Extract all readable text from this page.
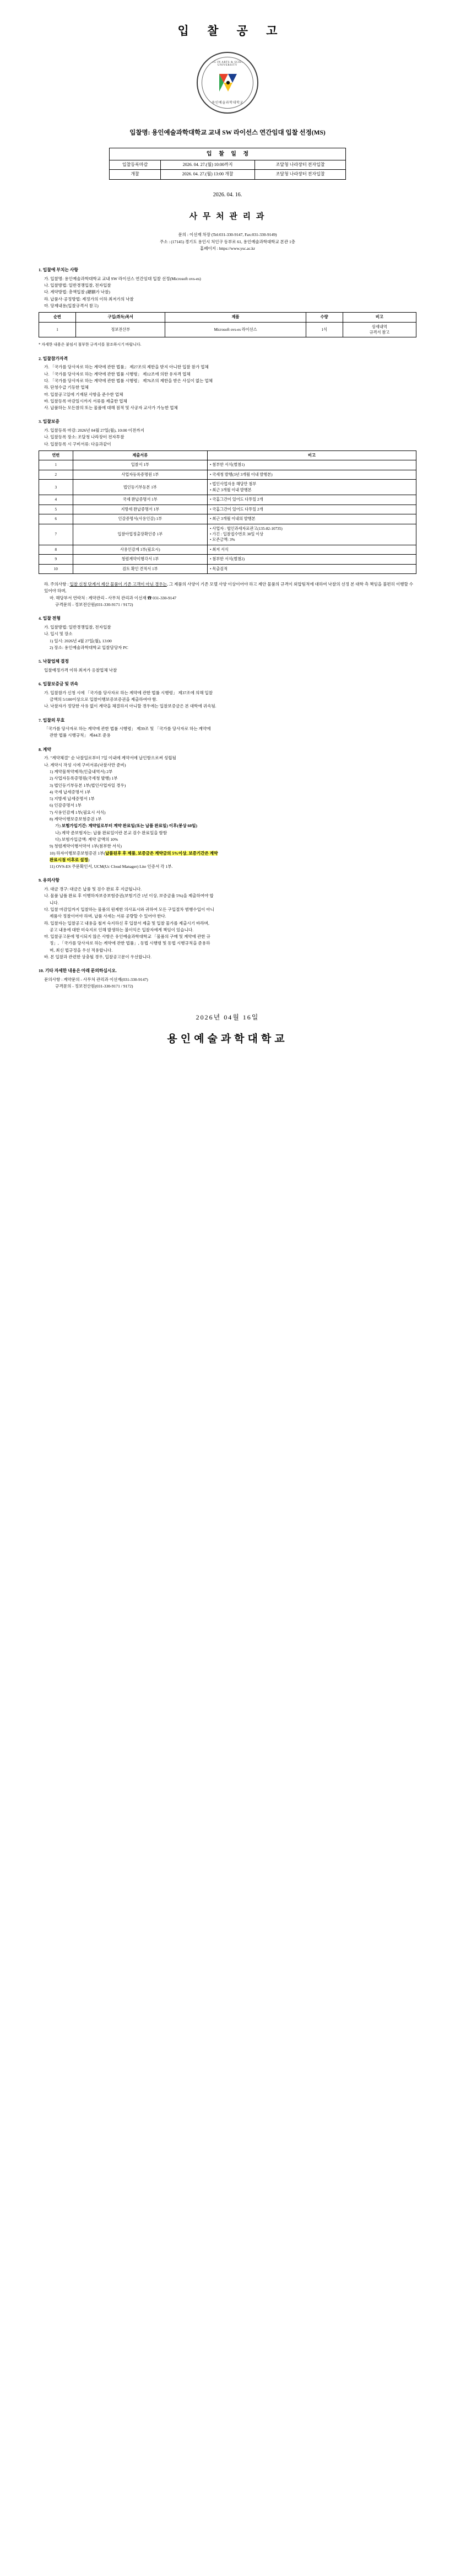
입 찰 공 고
YONG IN ARTS & SCIENCE UNIVERSITY
용인예술과학대학교
입찰명: 용인예술과학대학교 교내 SW 라이선스 연간임대 입찰 선정(MS)
입 찰 일 정		
입찰등록마감	2026. 04. 27.(월) 10:00까지	조달청 나라장터 전자입찰
개찰	2026. 04. 27.(월) 13:00 개찰	조달청 나라장터 전자입찰
2026. 04. 16.
사 무 처 관 리 과
문의 : 이선재 차장 (Tel:031-330-9147, Fax:031-330-9149)
주소 : (17145) 경기도 용인시 처인구 동부로 61, 용인예술과학대학교 본관 1층
홈페이지 : https://www.ysc.ac.kr
1. 입찰에 부치는 사항

가. 입찰명: 용인예술과학대학교 교내 SW 라이선스 연간임대 입찰 선정(Microsoft ovs-es)

나. 입찰방법: 일반경쟁입찰, 전자입찰

다. 계약방법: 총액입찰 (總額가 낙찰)

라. 납품사·공정방법: 제정가의 이하 최저가의 낙찰

마. 당제내용(입찰규격서 참고)

순번	구입(취득)목서	제품	수량	비고
1	정보전산부	Microsoft ovs-es 라이선스	1식	상세내역
규격서 참고
* 자세한 내용은 붙임서 첨부한 규격서를 참조하시기 바랍니다.
2. 입찰참가자격

가. 「국가를 당사자로 하는 계약에 관한 법률」 제27조의 제한을 받지 아니한 입찰 참가 업체

나. 「국가를 당사자로 하는 계약에 관한 법률 시행령」 제12조에 의한 유자격 업체

다. 「국가를 당사자로 하는 계약에 관한 법률 시행령」 제76조의 제한을 받은 사실이 없는 업체

라. 단청수급 기등한 업체

마. 입찰공고일에 기재된 사항을 준수한 업체

바. 입찰등록 마감일시까지 서류를 제출한 업체

사. 납품하는 모든참의 또는 물품에 대해 점적 및 사공자 교사가 가능한 업체

3. 입찰보증

가. 입찰등록 마감: 2026년 04월 27일(월), 10:00 이전까지

나. 입찰등록 장소: 조달청 나라장터 전자투찰

다. 입찰등록 시 구비서류: 다음과같이

연번	제출서류	비고
1	입찰서 1부	• 첨부한 서식(별첨1)
2	사업자등록증명원 1부	• 국세청 발행(3년 3개월 이내 발행본)
3	법인등기부등본 1부	• 법인사업자용 해당만 첨부
• 최근 3개월 이내 발행본
4	국세 완납증명서 1부	• 국홈그간이 있어도 다투일 2개
5	지방세 완납증명서 1부	• 국홈그간이 있어도 다투일 2개
6	인감증명서(사용인감) 1부	• 최근 3개월 이내의 발행본
7	입찰아업정출장확인증 1부	• 사업자 : 협인과세자료관고(135-82-10735)
• 가긴 : 입찰접수번호 30일 이상
• 모존금액: 3%
8	사용인감계 1부(필요시)	• 최저 서식
9	청렴계약이행각서 1부	• 첨부한 서식(별첨2)
10	검토 확인 견적서 1부	• 목출검적

라. 주의사항 : 입찰 신청 단계서 제산 물품이 기존 고객이 아닌 경우는, 그 제품의 사양이 기존 모델 사양 이상이어야 하고 제안 물품의 규격이 외압팀적에 대하여 낙찰의 선정 본 대학 측 책임을 불편히 이행할 수 있어야 하며,

마. 해당부서 연락처 : 계약관리 - 사무처 관리과 이선재 ☎ 031-330-9147

규격문의 - 정보전산원(031-330-9171 / 9172)

4. 입찰 전형

가. 입찰방법: 일반경쟁입찰, 전자입찰

나. 입시 및 장소

1) 일시: 2026년 4월 27일(월), 13:00

2) 장소: 용인예술과학대학교 입찰담당자 PC

5. 낙찰업체 결정

입찰예정가격 이하 최저가 응찰업체 낙찰

6. 입찰보증금 및 귀속

가. 입찰참가 신청 시에 「국가를 당사자로 하는 계약에 관한 법률 시행령」 제37조에 의해 입찰

금액의 5/100이상으로 입찰이행보증보증권을 제출하여야 함.

나. 낙찰자가 정당한 사유 없이 계약을 체결하지 아니할 경우에는 입찰보증금은 본 대학에 귀속됨.

7. 입찰의 무효

「국가를 당사자로 하는 계약에 관한 법률 시행령」 제39조 및 「국가를 당사자로 하는 계약에

관한 법률 시행규칙」 제44조 준용

8. 계약

가. "계약체결" 순 낙찰일로부터 7일 이내에 계약서에 날인함으로써 성립됨

나. 계약시 작성 시에 구비서류(낙찰사만 준비)

1) 계약물착약제작(인출내역서) 2부

2) 사업자등록증명원(국세청 발행) 1부

3) 법인등기부등본 1부(법인사업자일 경우)

4) 국세 납세증명서 1부

5) 지방세 납세증명서 1부

6) 인감증명서 1부

7) 사용인감계 1부(필요시 서식)

8) 계약이행보증보험증권 1부

가) 보험가입기간: 계약일로부터 계약 완료일(또는 납품 완료일) 이후(봉상 60일)

나) 계약 준보험자는: 납품 완료일이란 본교 검수 완료일을 함함

다) 보험가입금액: 계약 금액의 10%

9) 청렴계약이행서약서 1부(첨부한 서식)

10) 하자이행보증보험증권 1부(납품된후 후 제품, 보증금은 계약금의 5%이상, 보증기간은 계약
완료시점 이후로 설정)

11) OVS-ES 주문확인서, UCM(Uc Cloud Manager) Lite 인증서 각 1부.

9. 유의사항

가. 대금 경구: 대금은 납품 및 검수 완료 후 지급됩니다.

나. 물품 납품 완료 후 이행하자보증보험증권(보험기간 1년 이상, 보증금율 5%)을 제출하여야 합

니다.

다. 입찰 마감일까지 입찰하는 물품의 원제한 의사표시와 귀하여 모든 구입절차 범행수입이 아니

제품사 정찰이어야 하며, 납품 사세는 서류 공량할 수 있어야 한다.

라. 입찰자는 입찰공고 내용을 철저 숙지하신 후 입찰서 제출 및 입찰 물가를 제출시기 바라며,

공고 내용에 대한 미숙지로 인해 발생하는 불이익은 입찰자에게 책임이 있습니다.

마. 입찰공고문에 명시되지 않은 사항은 유인예술과학대학교 「물품의 구매 및 계약에 관한 규

정」, 「국가를 당사자로 하는 계약에 관한 법률」, 동법 시행령 및 동법 시행규칙을 준용하

며, 최신 법규정을 우선 적용합니다.

바. 본 입찰과 관련한 상충될 경우, 입찰공고문이 우선합니다.

10. 기타 자세한 내용은 아래 문의하십시오.

문의사항 : 계약문의 - 사무처 관리과 이선재(031-330-9147)

규격문의 - 정보전산원(031-330-9171 / 9172)

2026년 04월 16일
용인예술과학대학교
